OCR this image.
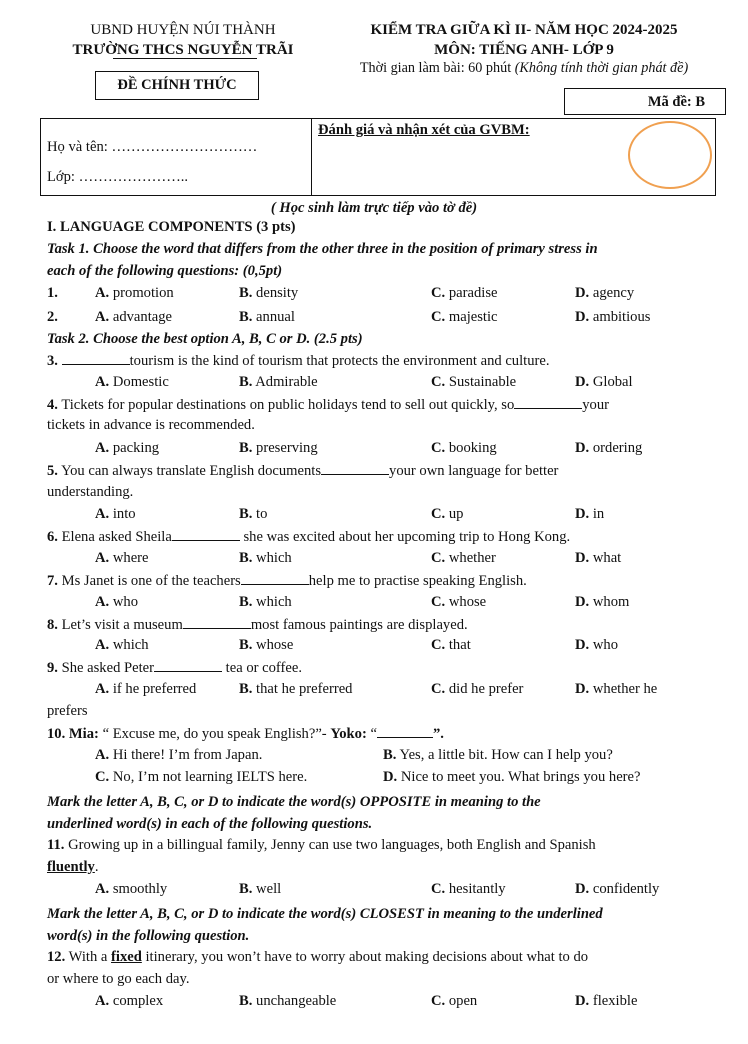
UBND HUYỆN NÚI THÀNH
TRƯỜNG THCS NGUYỄN TRÃI
KIỂM TRA GIỮA KÌ II- NĂM HỌC 2024-2025
MÔN: TIẾNG ANH- LỚP 9
Thời gian làm bài: 60 phút (Không tính thời gian phát đề)
ĐỀ CHÍNH THỨC
Mã đề: B
Họ và tên: …………………………
Lớp: …………………..
Đánh giá và nhận xét của GVBM:
( Học sinh làm trực tiếp vào tờ đề)
I. LANGUAGE COMPONENTS (3 pts)
Task 1. Choose the word that differs from the other three in the position of primary stress in
each of the following questions: (0,5pt)
1.	A. promotion	B. density	C. paradise	D. agency
2.	A. advantage	B. annual	C. majestic	D. ambitious
Task 2. Choose the best option A, B, C or D. (2.5 pts)
3.	tourism is the kind of tourism that protects the environment and culture.
A. Domestic	B. Admirable	C. Sustainable	D. Global
4. Tickets for popular destinations on public holidays tend to sell out quickly, so	your
tickets in advance is recommended.
A. packing	B. preserving	C. booking	D. ordering
5. You can always translate English documents	your own language for better
understanding.
A. into	B. to	C. up	D. in
6. Elena asked Sheila	she was excited about her upcoming trip to Hong Kong.
A. where	B. which	C. whether	D. what
7. Ms Janet is one of the teachers	help me to practise speaking English.
A. who	B. which	C. whose	D. whom
8. Let’s visit a museum	most famous paintings are displayed.
A. which	B. whose	C. that	D. who
9. She asked Peter	tea or coffee.
A. if he preferred	B. that he preferred	C. did he prefer	D. whether he
prefers
10. Mia: “ Excuse me, do you speak English?”- Yoko: “	”.
A. Hi there! I’m from Japan.	B. Yes, a little bit. How can I help you?
C. No, I’m not learning IELTS here.	D. Nice to meet you. What brings you here?
Mark the letter A, B, C, or D to indicate the word(s) OPPOSITE in meaning to the
underlined word(s) in each of the following questions.
11. Growing up in a billingual family, Jenny can use two languages, both English and Spanish
fluently.
A. smoothly	B. well	C. hesitantly	D. confidently
Mark the letter A, B, C, or D to indicate the word(s) CLOSEST in meaning to the underlined
word(s) in the following question.
12. With a fixed itinerary, you won’t have to worry about making decisions about what to do
or where to go each day.
A. complex	B. unchangeable	C. open	D. flexible
